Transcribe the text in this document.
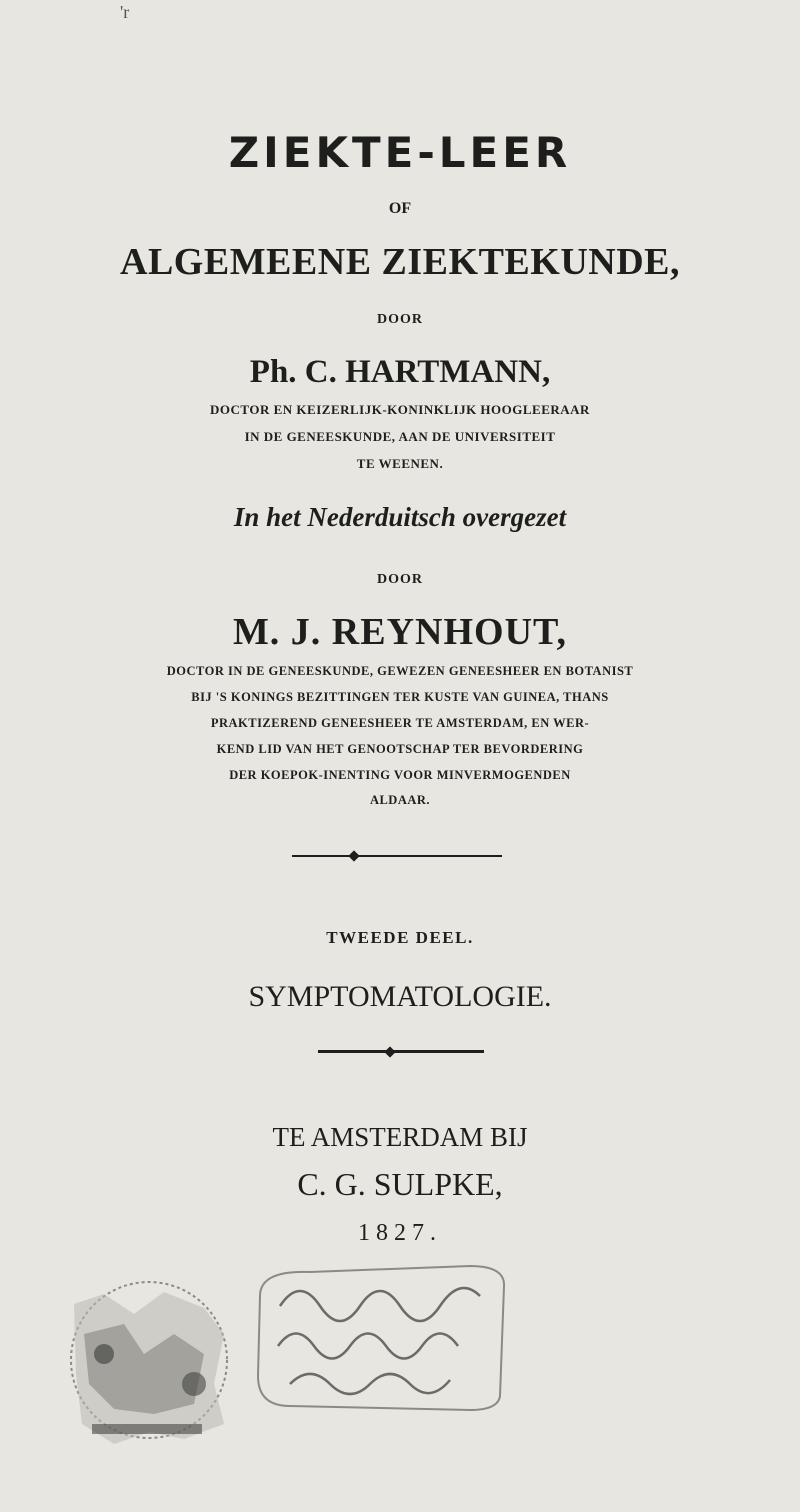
'r
ZIEKTE-LEER
OF
ALGEMEENE ZIEKTEKUNDE,
DOOR
Ph. C. HARTMANN,
DOCTOR EN KEIZERLIJK-KONINKLIJK HOOGLEERAAR
IN DE GENEESKUNDE, AAN DE UNIVERSITEIT
TE WEENEN.
In het Nederduitsch overgezet
DOOR
M. J. REYNHOUT,
DOCTOR IN DE GENEESKUNDE, GEWEZEN GENEESHEER EN BOTANIST
BIJ 'S KONINGS BEZITTINGEN TER KUSTE VAN GUINEA, THANS
PRAKTIZEREND GENEESHEER TE AMSTERDAM, EN WER-
KEND LID VAN HET GENOOTSCHAP TER BEVORDERING
DER KOEPOK-INENTING VOOR MINVERMOGENDEN
ALDAAR.
TWEEDE DEEL.
SYMPTOMATOLOGIE.
TE AMSTERDAM BIJ
C. G. SULPKE,
1827.
